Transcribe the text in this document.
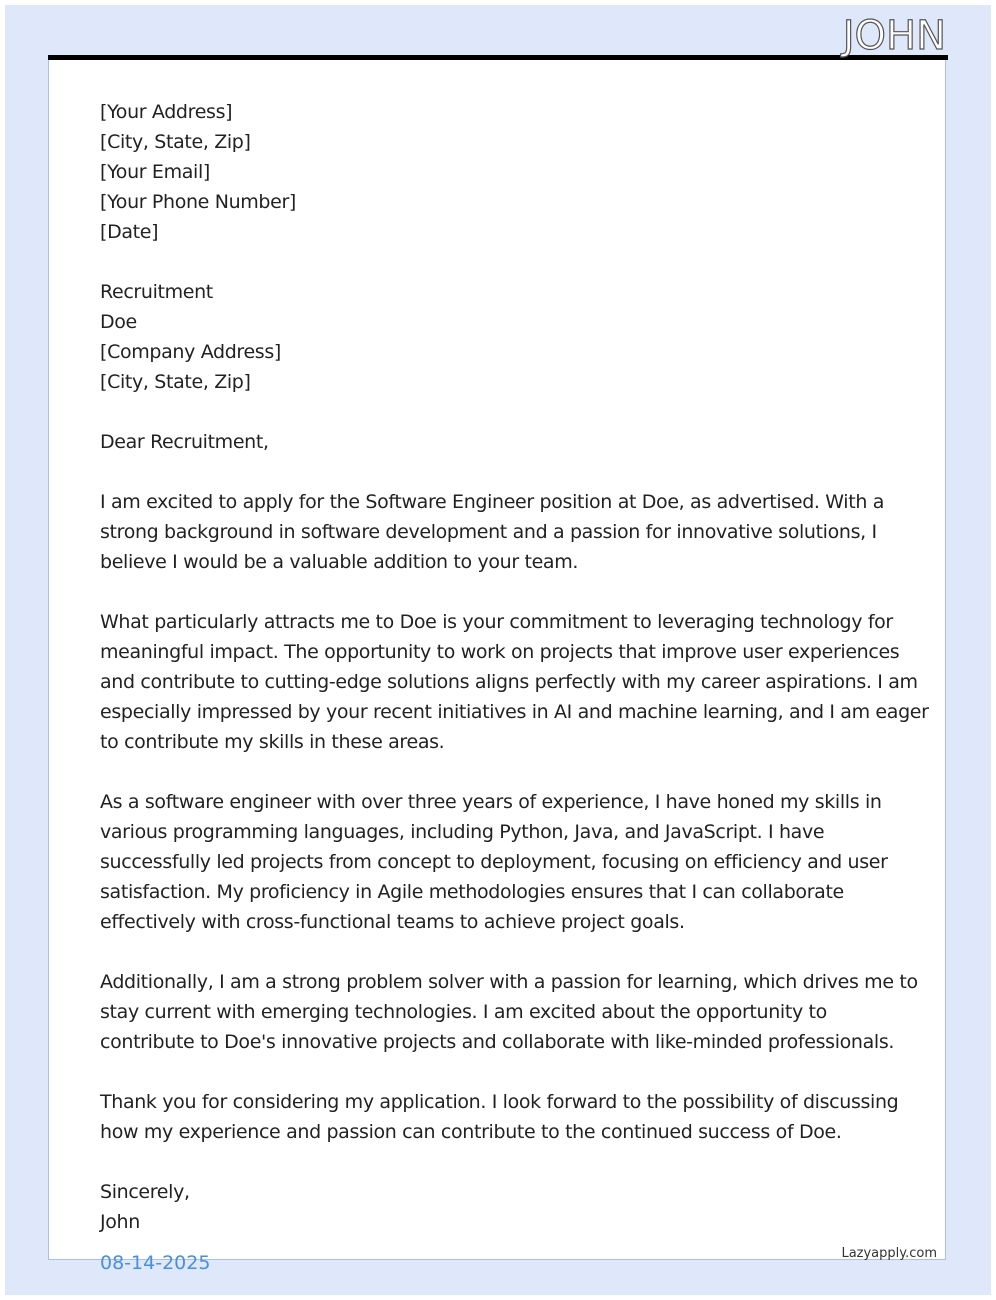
JOHN
[Your Address]
[City, State, Zip]
[Your Email]
[Your Phone Number]
[Date]
Recruitment
Doe
[Company Address]
[City, State, Zip]
Dear Recruitment,
I am excited to apply for the Software Engineer position at Doe, as advertised. With a
strong background in software development and a passion for innovative solutions, I
believe I would be a valuable addition to your team.
What particularly attracts me to Doe is your commitment to leveraging technology for
meaningful impact. The opportunity to work on projects that improve user experiences
and contribute to cutting-edge solutions aligns perfectly with my career aspirations. I am
especially impressed by your recent initiatives in AI and machine learning, and I am eager
to contribute my skills in these areas.
As a software engineer with over three years of experience, I have honed my skills in
various programming languages, including Python, Java, and JavaScript. I have
successfully led projects from concept to deployment, focusing on efficiency and user
satisfaction. My proficiency in Agile methodologies ensures that I can collaborate
effectively with cross-functional teams to achieve project goals.
Additionally, I am a strong problem solver with a passion for learning, which drives me to
stay current with emerging technologies. I am excited about the opportunity to
contribute to Doe's innovative projects and collaborate with like-minded professionals.
Thank you for considering my application. I look forward to the possibility of discussing
how my experience and passion can contribute to the continued success of Doe.
Sincerely,
John
08-14-2025	Lazyapply.com
